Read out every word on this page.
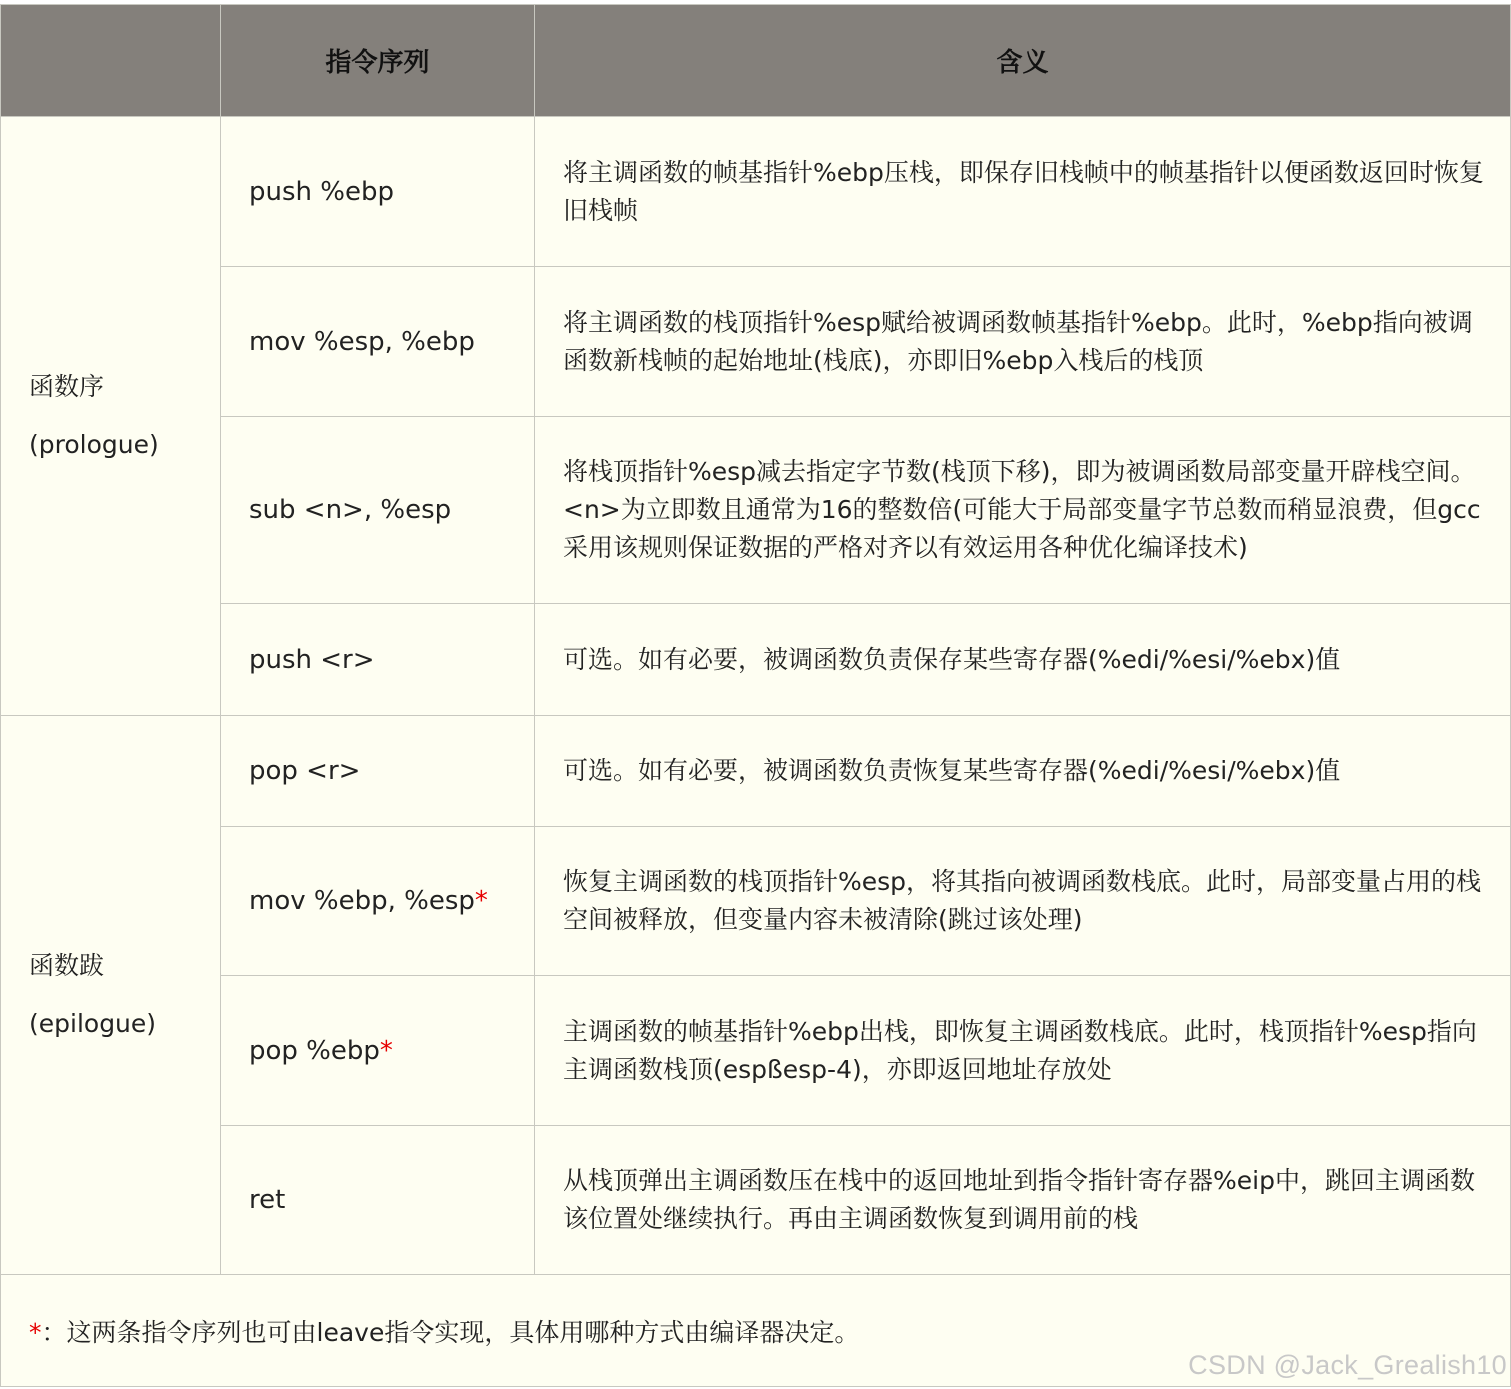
	指令序列	含义

函数序
(prologue)	push %ebp	将主调函数的帧基指针%ebp压栈，即保存旧栈帧中的帧基指针以便函数返回时恢复旧栈帧
	mov %esp, %ebp	将主调函数的栈顶指针%esp赋给被调函数帧基指针%ebp。此时，%ebp指向被调函数新栈帧的起始地址(栈底)，亦即旧%ebp入栈后的栈顶
	sub <n>, %esp	将栈顶指针%esp减去指定字节数(栈顶下移)，即为被调函数局部变量开辟栈空间。<n>为立即数且通常为16的整数倍(可能大于局部变量字节总数而稍显浪费，但gcc采用该规则保证数据的严格对齐以有效运用各种优化编译技术)
	push <r>	可选。如有必要，被调函数负责保存某些寄存器(%edi/%esi/%ebx)值

函数跋
(epilogue)	pop <r>	可选。如有必要，被调函数负责恢复某些寄存器(%edi/%esi/%ebx)值
	mov %ebp, %esp*	恢复主调函数的栈顶指针%esp，将其指向被调函数栈底。此时，局部变量占用的栈空间被释放，但变量内容未被清除(跳过该处理)
	pop %ebp*	主调函数的帧基指针%ebp出栈，即恢复主调函数栈底。此时，栈顶指针%esp指向主调函数栈顶(espßesp-4)，亦即返回地址存放处
	ret	从栈顶弹出主调函数压在栈中的返回地址到指令指针寄存器%eip中，跳回主调函数该位置处继续执行。再由主调函数恢复到调用前的栈
*：这两条指令序列也可由leave指令实现，具体用哪种方式由编译器决定。		
CSDN @Jack_Grealish10
